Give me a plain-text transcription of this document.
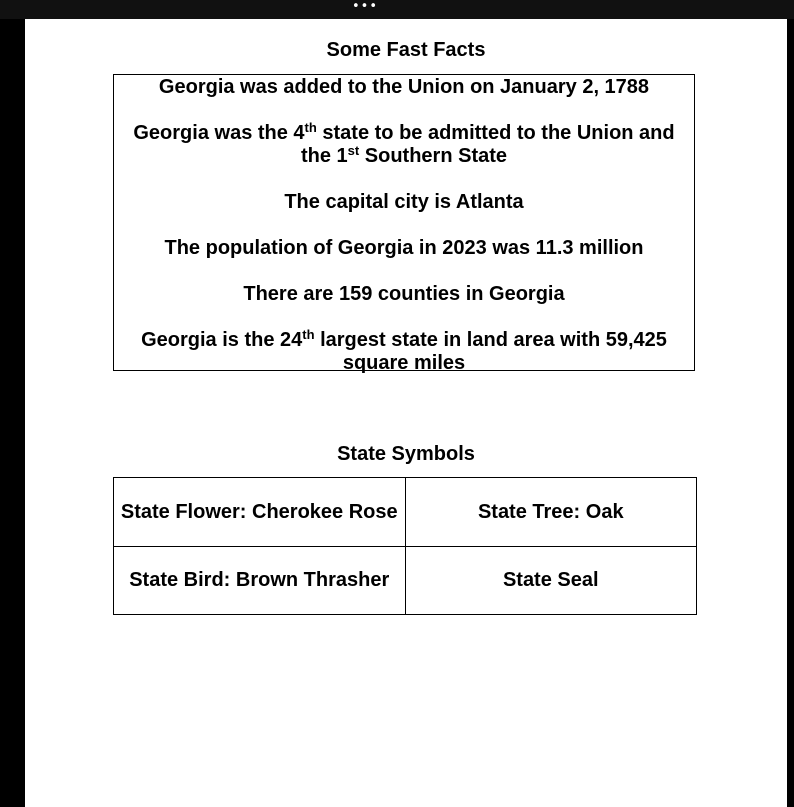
•••
Some Fast Facts

Georgia was added to the Union on January 2, 1788

Georgia was the 4th state to be admitted to the Union and the 1st Southern State

The capital city is Atlanta

The population of Georgia in 2023 was 11.3 million

There are 159 counties in Georgia

Georgia is the 24th largest state in land area with 59,425 square miles

State Symbols
State Flower: Cherokee Rose	State Tree: Oak
State Bird: Brown Thrasher	State Seal
